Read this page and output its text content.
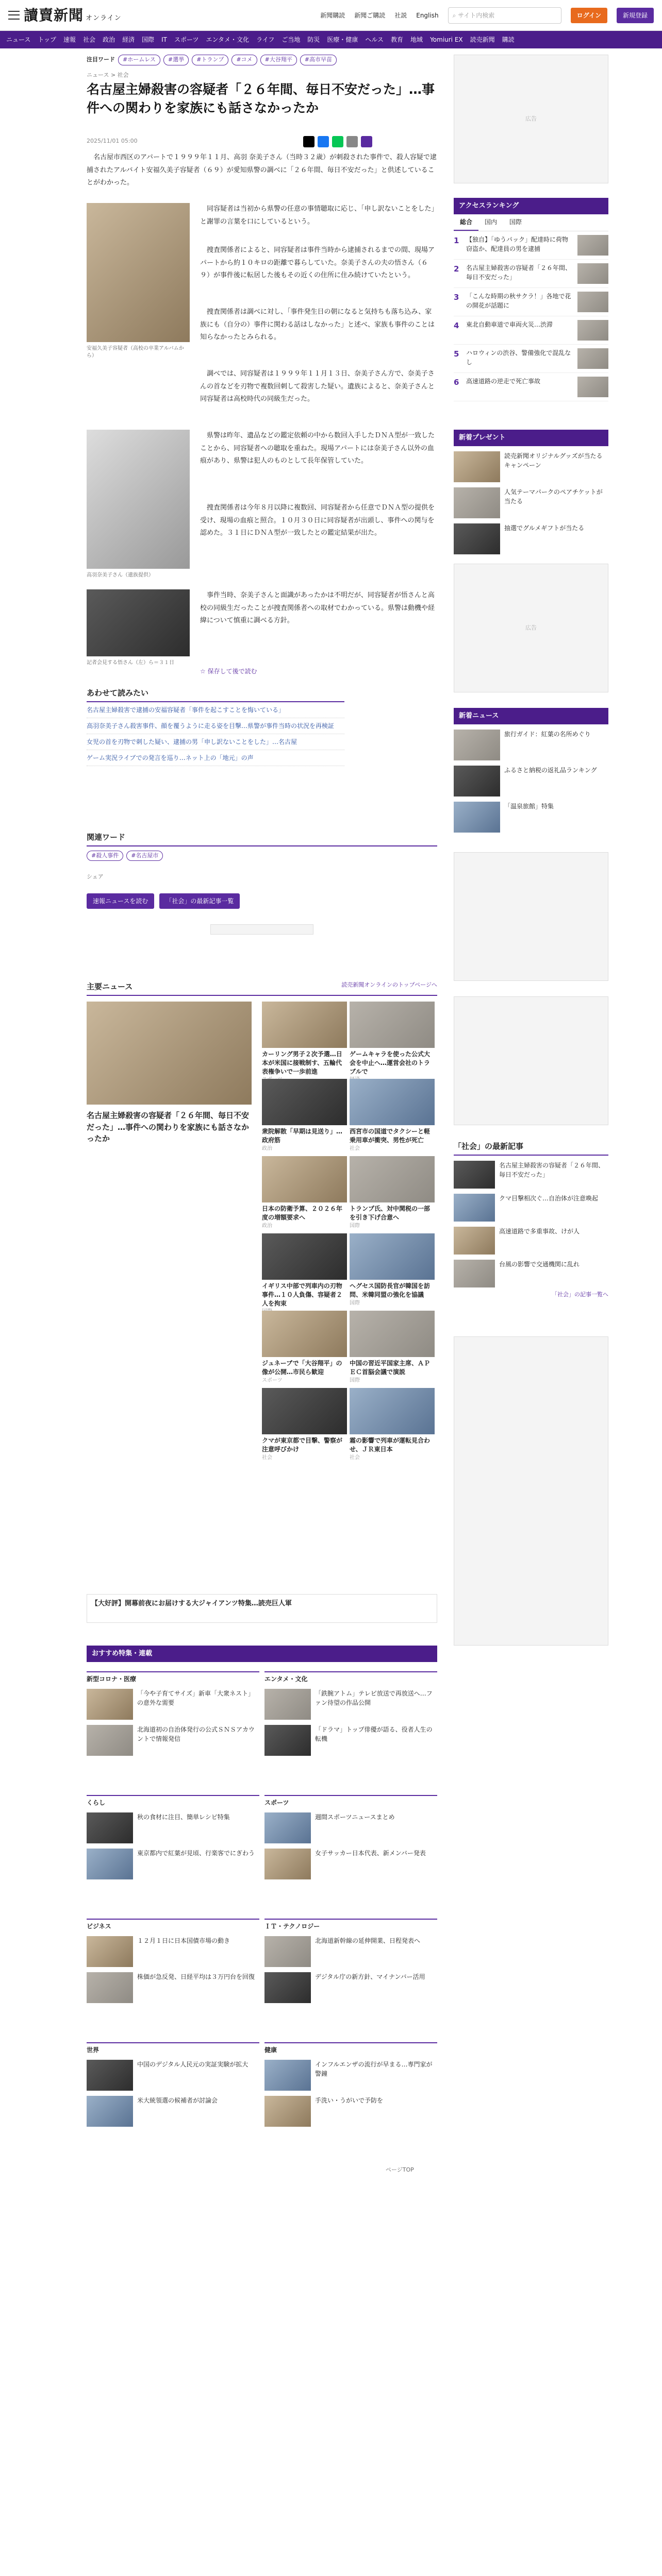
讀賣新聞 オンライン	新聞購読 新聞ご購読 社説 English ⌕
サイト内検索	ログイン	新規登録
ニュース トップ 速報 社会 政治 経済 国際 IT スポーツ エンタメ・文化 ライフ ご当地 防災 医療・健康 ヘルス 教育 地域 Yomiuri EX 読売新聞 購読
注目ワード	#ホームレス	#選挙	#トランプ	#コメ	#大谷翔平	#高市早苗
ニュース > 社会
名古屋主婦殺害の容疑者「２６年間、毎日不安だった」…事件への関わりを家族にも話さなかったか
2025/11/01 05:00

名古屋市西区のアパートで１９９９年１１月、高羽 奈美子さん（当時３２歳）が刺殺された事件で、殺人容疑で逮捕されたアルバイト安福久美子容疑者（６９）が愛知県警の調べに「２６年間、毎日不安だった」と供述していることがわかった。

安福久美子容疑者（高校の卒業アルバムから）

同容疑者は当初から県警の任意の事情聴取に応じ、「申し訳ないことをした」と謝罪の言葉を口にしているという。

捜査関係者によると、同容疑者は事件当時から逮捕されるまでの間、現場アパートから約１０キロの距離で暮らしていた。奈美子さんの夫の悟さん（６９）が事件後に転居した後もその近くの住所に住み続けていたという。

捜査関係者は調べに対し、「事件発生日の朝になると気持ちも落ち込み、家族にも（自分の）事件に関わる話はしなかった」と述べ、家族も事件のことは知らなかったとみられる。

調べでは、同容疑者は１９９９年１１月１３日、奈美子さん方で、奈美子さんの首などを刃物で複数回刺して殺害した疑い。遺族によると、奈美子さんと同容疑者は高校時代の同級生だった。

高羽奈美子さん（遺族提供）

県警は昨年、遺品などの鑑定依頼の中から数回入手したＤＮＡ型が一致したことから、同容疑者への聴取を重ねた。現場アパートには奈美子さん以外の血痕があり、県警は犯人のものとして長年保管していた。

捜査関係者は今年８月以降に複数回、同容疑者から任意でＤＮＡ型の提供を受け、現場の血痕と照合。１０月３０日に同容疑者が出頭し、事件への関与を認めた。３１日にＤＮＡ型が一致したとの鑑定結果が出た。

記者会見する悟さん（左）ら＝３１日

事件当時、奈美子さんと面識があったかは不明だが、同容疑者が悟さんと高校の同級生だったことが捜査関係者への取材でわかっている。県警は動機や経緯について慎重に調べる方針。

☆ 保存して後で読む
あわせて読みたい
名古屋主婦殺害で逮捕の安福容疑者「事件を起こすことを悔いている」
高羽奈美子さん殺害事件、顔を覆うように走る姿を目撃…県警が事件当時の状況を再検証
女児の首を刃物で刺した疑い、逮捕の男「申し訳ないことをした」…名古屋
ゲーム実況ライブでの発言を巡り…ネット上の「地元」の声
関連ワード
#殺人事件	#名古屋市
シェア
速報ニュースを読む	「社会」の最新記事一覧
主要ニュース	読売新聞オンラインのトップページへ
名古屋主婦殺害の容疑者「２６年間、毎日不安だった」…事件への関わりを家族にも話さなかったか
カーリング男子２次予選…日本が米国に接戦制す、五輪代表権争いで一歩前進
ゲームキャラを使った公式大会を中止へ…運営会社のトラブルで
衆院解散「早期は見送り」…政府筋
政治
西宮市の国道でタクシーと軽乗用車が衝突、男性が死亡
社会
日本の防衛予算、２０２６年度の増額要求へ
政治
トランプ氏、対中関税の一部を引き下げ合意へ
国際
イギリス中部で列車内の刃物事件…１０人負傷、容疑者２人を拘束
ヘグセス国防長官が韓国を訪問、米韓同盟の強化を協議
国際
ジュネーブで「大谷翔平」の像が公開…市民ら歓迎
スポーツ
中国の習近平国家主席、ＡＰＥＣ首脳会議で演説
国際
クマが東京都で目撃、警察が注意呼びかけ
社会
霜の影響で列車が運転見合わせ、ＪＲ東日本
社会
【大好評】開幕前夜にお届けする大ジャイアンツ特集…読売巨人軍
おすすめ特集・連載
新型コロナ・医療
「今や子育てサイズ」新車「大衆ネスト」の意外な需要
北海道初の自治体発行の公式ＳＮＳアカウントで情報発信
エンタメ・文化
「鉄腕アトム」テレビ放送で再放送へ…ファン待望の作品公開
「ドラマ」トップ俳優が語る、役者人生の転機
くらし
秋の食材に注目、簡単レシピ特集
東京都内で紅葉が見頃、行楽客でにぎわう
スポーツ
週間スポーツニュースまとめ
女子サッカー日本代表、新メンバー発表
ビジネス
１２月１日に日本国債市場の動き
株価が急反発、日経平均は３万円台を回復
ＩＴ・テクノロジー
北海道新幹線の延伸開業、日程発表へ
デジタル庁の新方針、マイナンバー活用
世界
中国のデジタル人民元の実証実験が拡大
米大統領選の候補者が討論会
健康
インフルエンザの流行が早まる…専門家が警鐘
手洗い・うがいで予防を
ページTOP
広告
アクセスランキング
総合	国内	国際
1	【独自】「ゆうパック」配達時に荷物窃盗か、配達員の男を逮捕
2	名古屋主婦殺害の容疑者「２６年間、毎日不安だった」
3	「こんな時期の秋サクラ！」各地で花の開花が話題に
4	東北自動車道で車両火災…渋滞
5	ハロウィンの渋谷、警備強化で混乱なし
6	高速道路の逆走で死亡事故
新着プレゼント
読売新聞オリジナルグッズが当たるキャンペーン
人気テーマパークのペアチケットが当たる
抽選でグルメギフトが当たる
広告
新着ニュース
旅行ガイド：紅葉の名所めぐり
ふるさと納税の返礼品ランキング
「温泉旅館」特集
「社会」の最新記事
名古屋主婦殺害の容疑者「２６年間、毎日不安だった」
クマ目撃相次ぐ…自治体が注意喚起
高速道路で多重事故、けが人
台風の影響で交通機関に乱れ
「社会」の記事一覧へ
